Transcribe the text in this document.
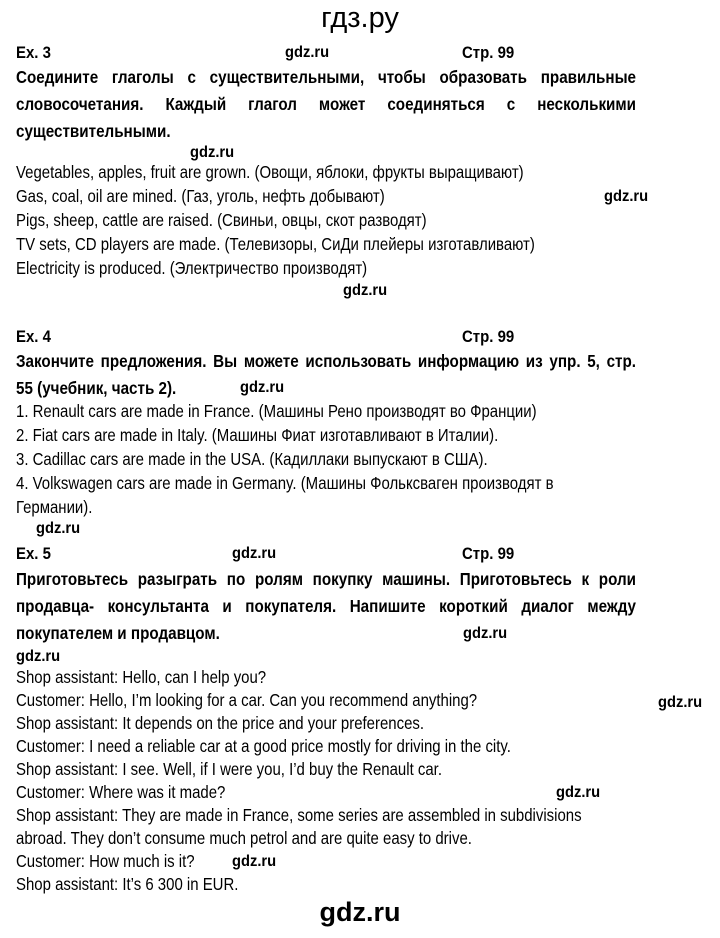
гдз.ру
Ex. 3	gdz.ru	Стр. 99
Соедините глаголы с существительными, чтобы образовать правильные
словосочетания. Каждый глагол может соединяться с несколькими
существительными.
gdz.ru
Vegetables, apples, fruit are grown. (Овощи, яблоки, фрукты выращивают)
Gas, coal, oil are mined. (Газ, уголь, нефть добывают)	gdz.ru
Pigs, sheep, cattle are raised. (Свиньи, овцы, скот разводят)
TV sets, CD players are made. (Телевизоры, СиДи плейеры изготавливают)
Electricity is produced. (Электричество производят)
gdz.ru
Ex. 4	Стр. 99
Закончите предложения. Вы можете использовать информацию из упр. 5, стр.
55 (учебник, часть 2).	gdz.ru
1. Renault cars are made in France. (Машины Рено производят во Франции)
2. Fiat cars are made in Italy. (Машины Фиат изготавливают в Италии).
3. Cadillac cars are made in the USA. (Кадиллаки выпускают в США).
4. Volkswagen cars are made in Germany. (Машины Фольксваген производят в
Германии).
gdz.ru
Ex. 5	gdz.ru	Стр. 99
Приготовьтесь разыграть по ролям покупку машины. Приготовьтесь к роли
продавца- консультанта и покупателя. Напишите короткий диалог между
покупателем и продавцом.	gdz.ru
gdz.ru
Shop assistant: Hello, can I help you?
Customer: Hello, I’m looking for a car. Can you recommend anything?	gdz.ru
Shop assistant: It depends on the price and your preferences.
Customer: I need a reliable car at a good price mostly for driving in the city.
Shop assistant: I see. Well, if I were you, I’d buy the Renault car.
Customer: Where was it made?	gdz.ru
Shop assistant: They are made in France, some series are assembled in subdivisions
abroad. They don’t consume much petrol and are quite easy to drive.
Customer: How much is it? gdz.ru
Shop assistant: It’s 6 300 in EUR.
gdz.ru
